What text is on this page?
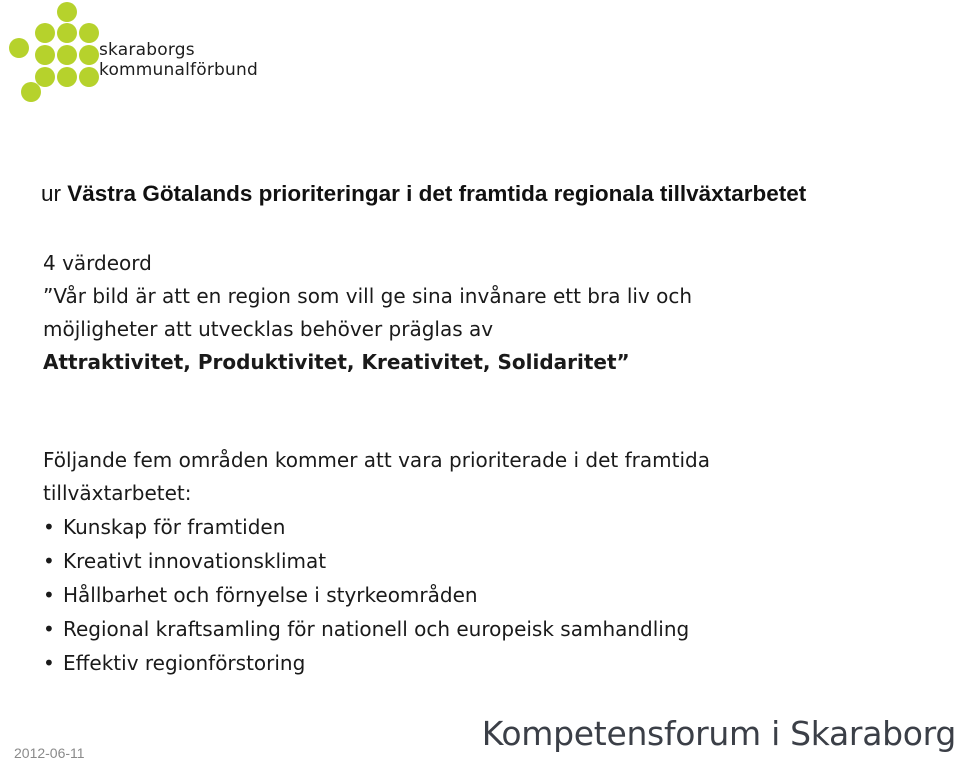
skaraborgs
kommunalförbund
ur Västra Götalands prioriteringar i det framtida regionala tillväxtarbetet
4 värdeord
”Vår bild är att en region som vill ge sina invånare ett bra liv och
möjligheter att utvecklas behöver präglas av
Attraktivitet, Produktivitet, Kreativitet, Solidaritet”
Följande fem områden kommer att vara prioriterade i det framtida
tillväxtarbetet:
• Kunskap för framtiden
• Kreativt innovationsklimat
• Hållbarhet och förnyelse i styrkeområden
• Regional kraftsamling för nationell och europeisk samhandling
• Effektiv regionförstoring
2012-06-11	Kompetensforum i Skaraborg
